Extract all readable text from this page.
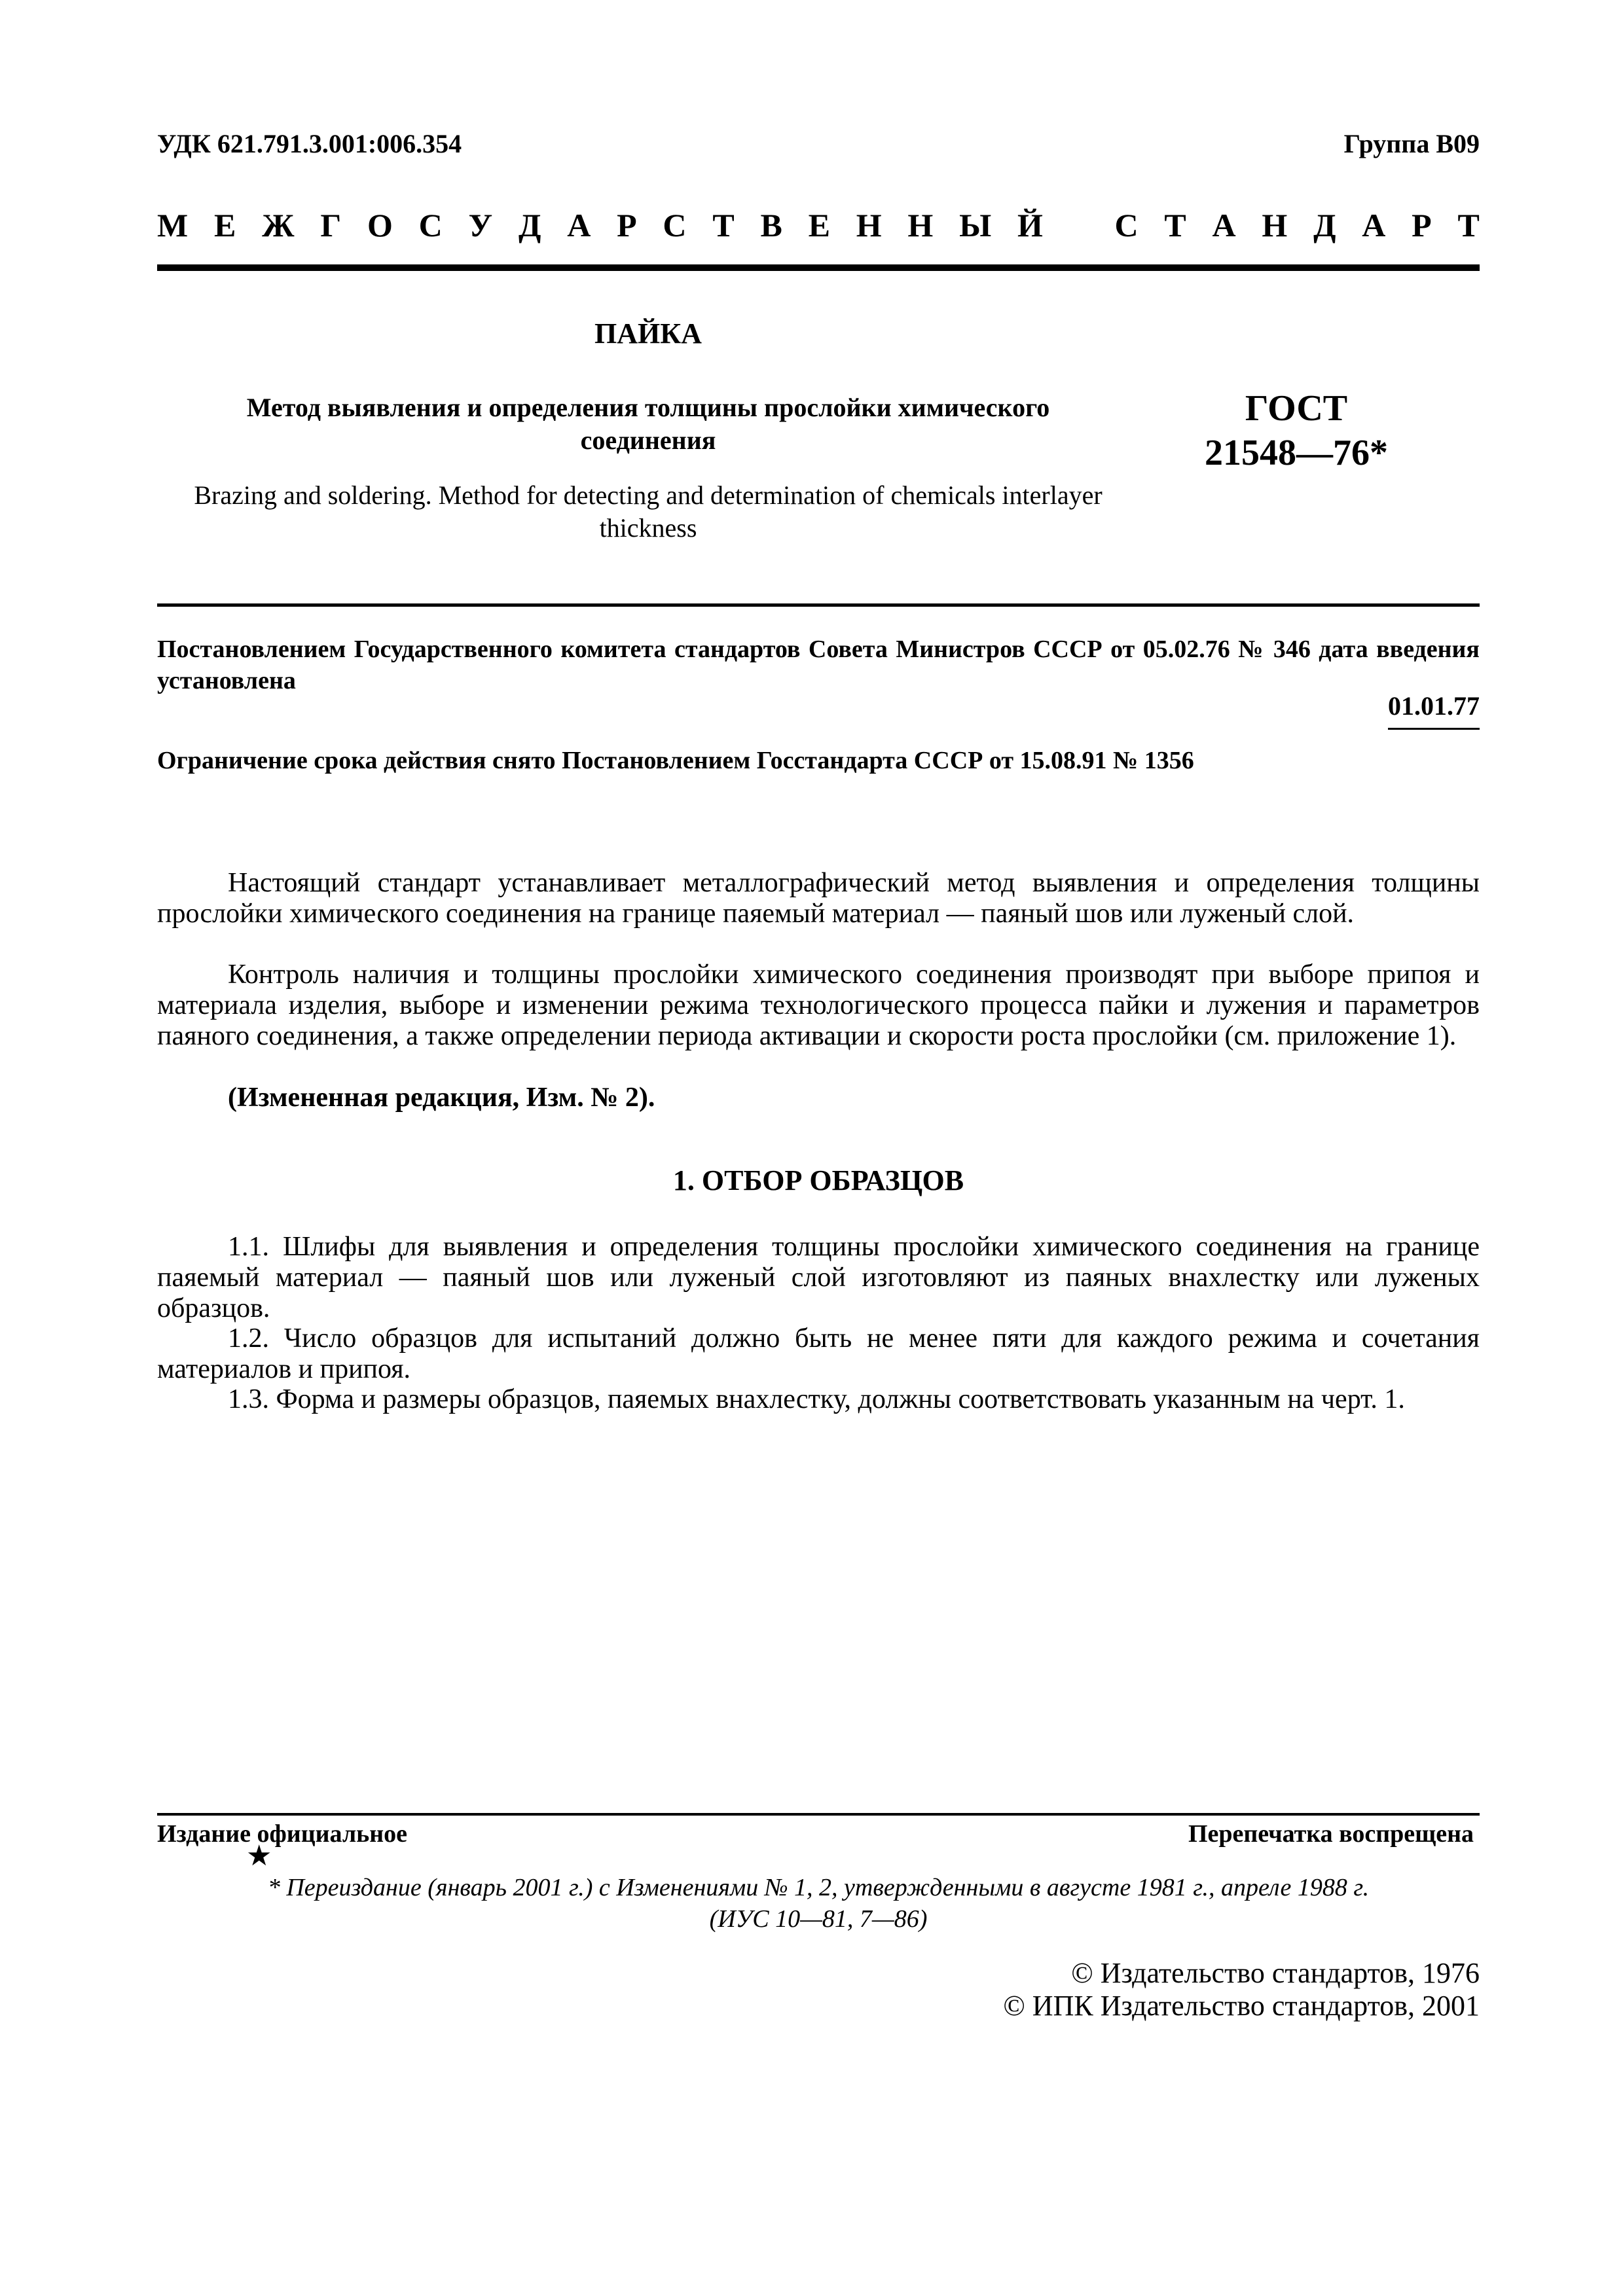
УДК 621.791.3.001:006.354	Группа В09
М Е Ж Г О С У Д А Р С Т В Е Н Н Ы Й С Т А Н Д А Р Т

ПАЙКА

Метод выявления и определения толщины прослойки химического соединения

Brazing and soldering. Method for detecting and determination of chemicals interlayer thickness

ГОСТ
21548—76*
Постановлением Государственного комитета стандартов Совета Министров СССР от 05.02.76 № 346 дата введения установлена
01.01.77
Ограничение срока действия снято Постановлением Госстандарта СССР от 15.08.91 № 1356

Настоящий стандарт устанавливает металлографический метод выявления и определения толщины прослойки химического соединения на границе паяемый материал — паяный шов или луженый слой.

Контроль наличия и толщины прослойки химического соединения производят при выборе припоя и материала изделия, выборе и изменении режима технологического процесса пайки и лужения и параметров паяного соединения, а также определении периода активации и скорости роста прослойки (см. приложение 1).

(Измененная редакция, Изм. № 2).

1. ОТБОР ОБРАЗЦОВ

1.1. Шлифы для выявления и определения толщины прослойки химического соединения на границе паяемый материал — паяный шов или луженый слой изготовляют из паяных внахлестку или луженых образцов.

1.2. Число образцов для испытаний должно быть не менее пяти для каждого режима и сочетания материалов и припоя.

1.3. Форма и размеры образцов, паяемых внахлестку, должны соответствовать указанным на черт. 1.

Издание официальное
★
Перепечатка воспрещена
* Переиздание (январь 2001 г.) с Изменениями № 1, 2, утвержденными в августе 1981 г., апреле 1988 г.
(ИУС 10—81, 7—86)
© Издательство стандартов, 1976
© ИПК Издательство стандартов, 2001
